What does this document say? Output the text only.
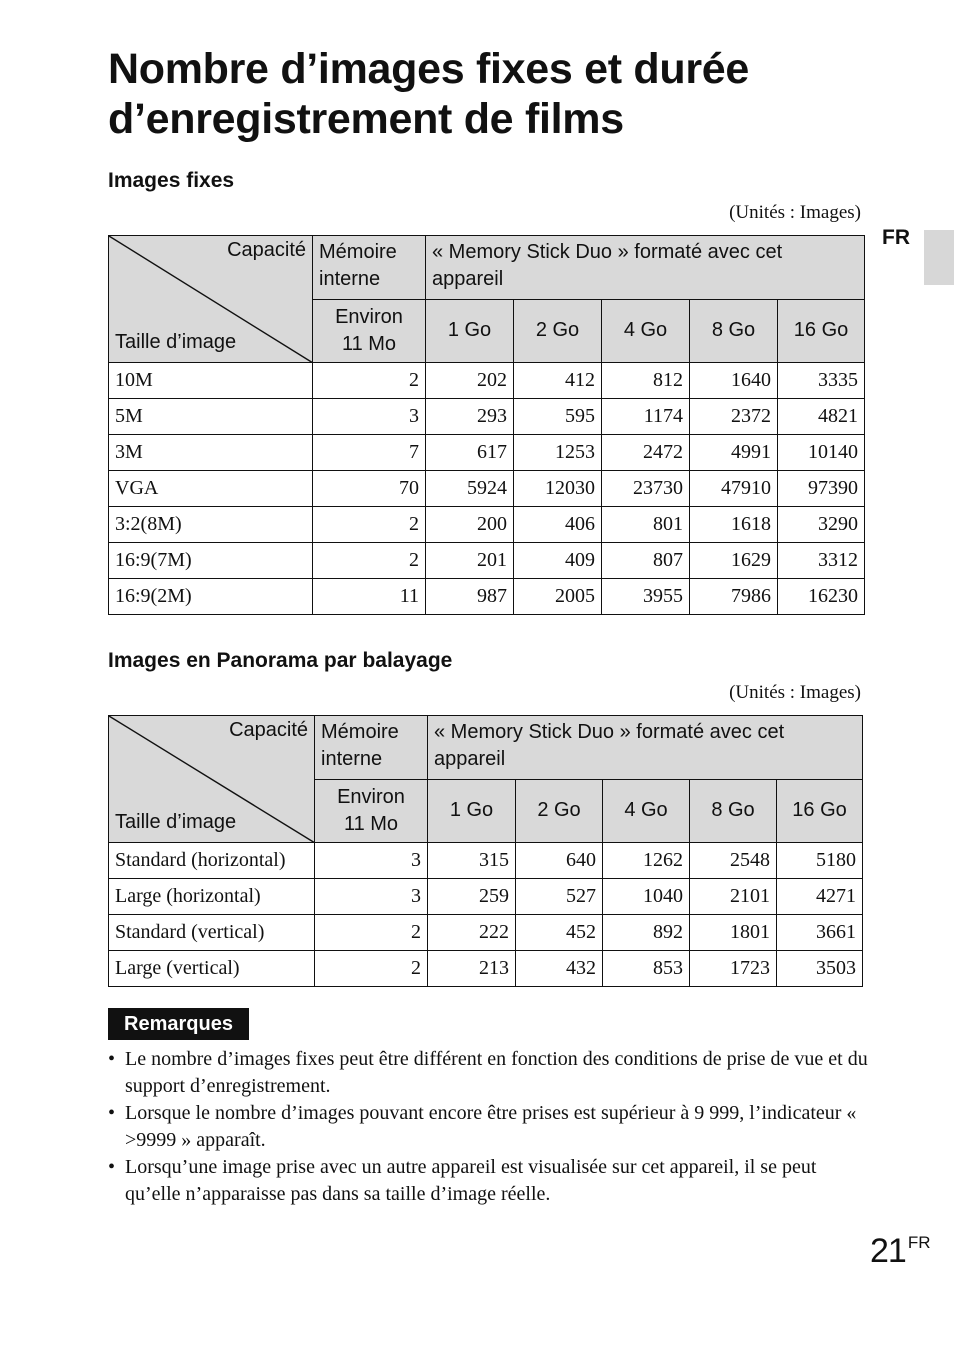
Nombre d’images fixes et durée
d’enregistrement de films
FR
Images fixes
(Unités : Images)
Capacité
Taille d’image	Mémoire
interne	« Memory Stick Duo » formaté avec cet appareil				
	Environ
11 Mo	1 Go	2 Go	4 Go	8 Go	16 Go
10M	2	202	412	812	1640	3335
5M	3	293	595	1174	2372	4821
3M	7	617	1253	2472	4991	10140
VGA	70	5924	12030	23730	47910	97390
3:2(8M)	2	200	406	801	1618	3290
16:9(7M)	2	201	409	807	1629	3312
16:9(2M)	11	987	2005	3955	7986	16230
Images en Panorama par balayage
(Unités : Images)
Capacité
Taille d’image	Mémoire
interne	« Memory Stick Duo » formaté avec cet appareil				
	Environ
11 Mo	1 Go	2 Go	4 Go	8 Go	16 Go
Standard (horizontal)	3	315	640	1262	2548	5180
Large (horizontal)	3	259	527	1040	2101	4271
Standard (vertical)	2	222	452	892	1801	3661
Large (vertical)	2	213	432	853	1723	3503
Remarques
• Le nombre d’images fixes peut être différent en fonction des conditions de prise de vue et du support d’enregistrement.
• Lorsque le nombre d’images pouvant encore être prises est supérieur à 9 999, l’indicateur « >9999 » apparaît.
• Lorsqu’une image prise avec un autre appareil est visualisée sur cet appareil, il se peut qu’elle n’apparaisse pas dans sa taille d’image réelle.
21 FR
